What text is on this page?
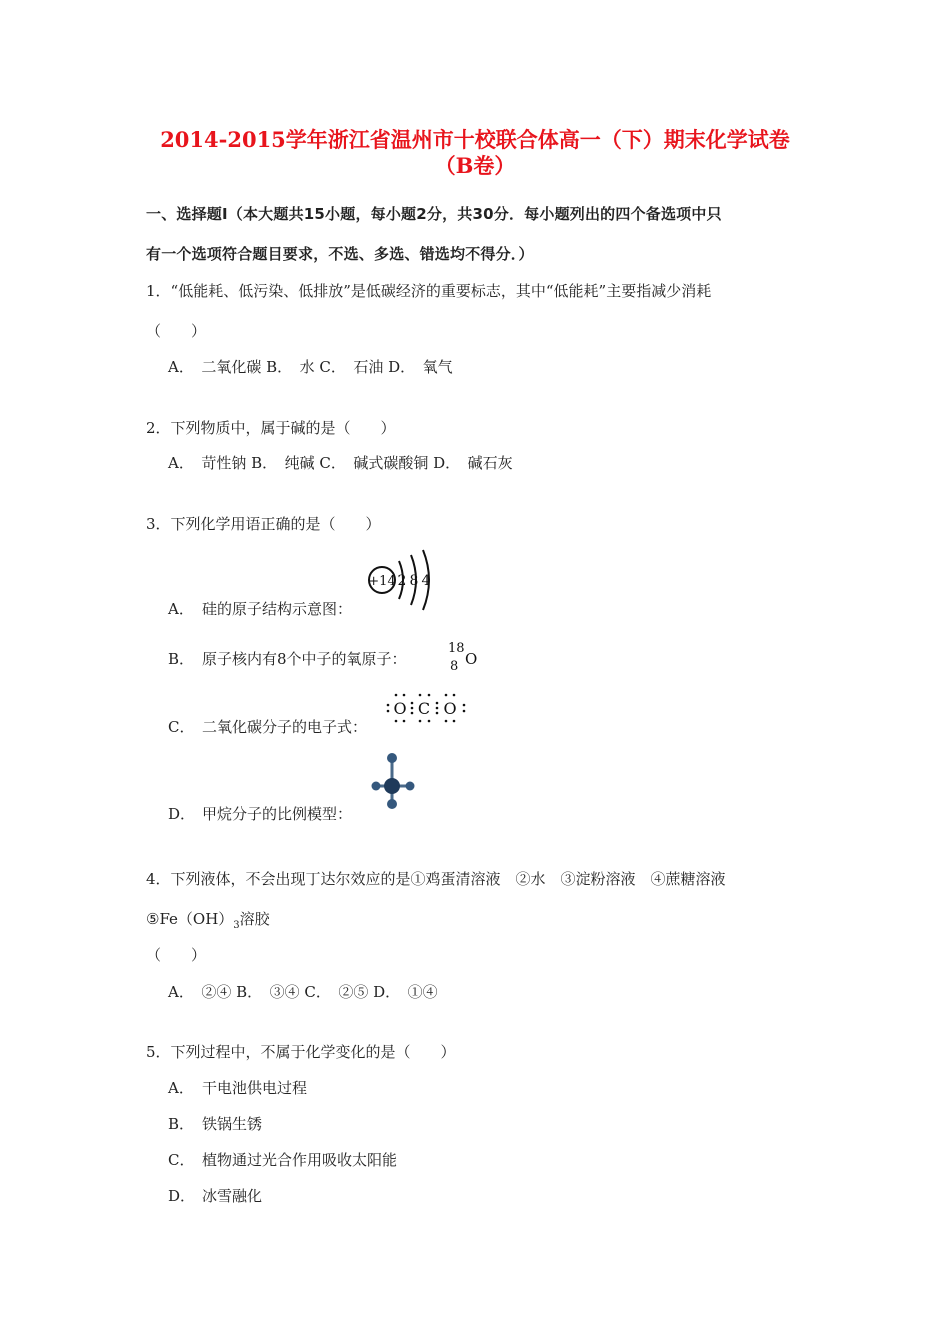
2014-2015学年浙江省温州市十校联合体高一（下）期末化学试卷
（B卷）
一、选择题Ⅰ（本大题共15小题，每小题2分，共30分．每小题列出的四个备选项中只
有一个选项符合题目要求，不选、多选、错选均不得分．）
1．“低能耗、低污染、低排放”是低碳经济的重要标志，其中“低能耗”主要指减少消耗
（　　）
A．　二氧化碳 B．　水 C．　石油 D．　氧气
2．下列物质中，属于碱的是（　　）
A．　苛性钠 B．　纯碱 C．　碱式碳酸铜 D．　碱石灰
3．下列化学用语正确的是（　　）
A． 硅的原子结构示意图：
+14 2 8 4
B． 原子核内有8个中子的氧原子：
18
8 O
C． 二氧化碳分子的电子式：
O C O
D． 甲烷分子的比例模型：
4．下列液体，不会出现丁达尔效应的是①鸡蛋清溶液　②水　③淀粉溶液　④蔗糖溶液
$⑤Fe(OH)_3$溶胶
（　　）
A．　②④ B．　③④ C．　②⑤ D．　①④
5．下列过程中，不属于化学变化的是（　　）
A． 干电池供电过程
B． 铁锅生锈
C． 植物通过光合作用吸收太阳能
D． 冰雪融化
